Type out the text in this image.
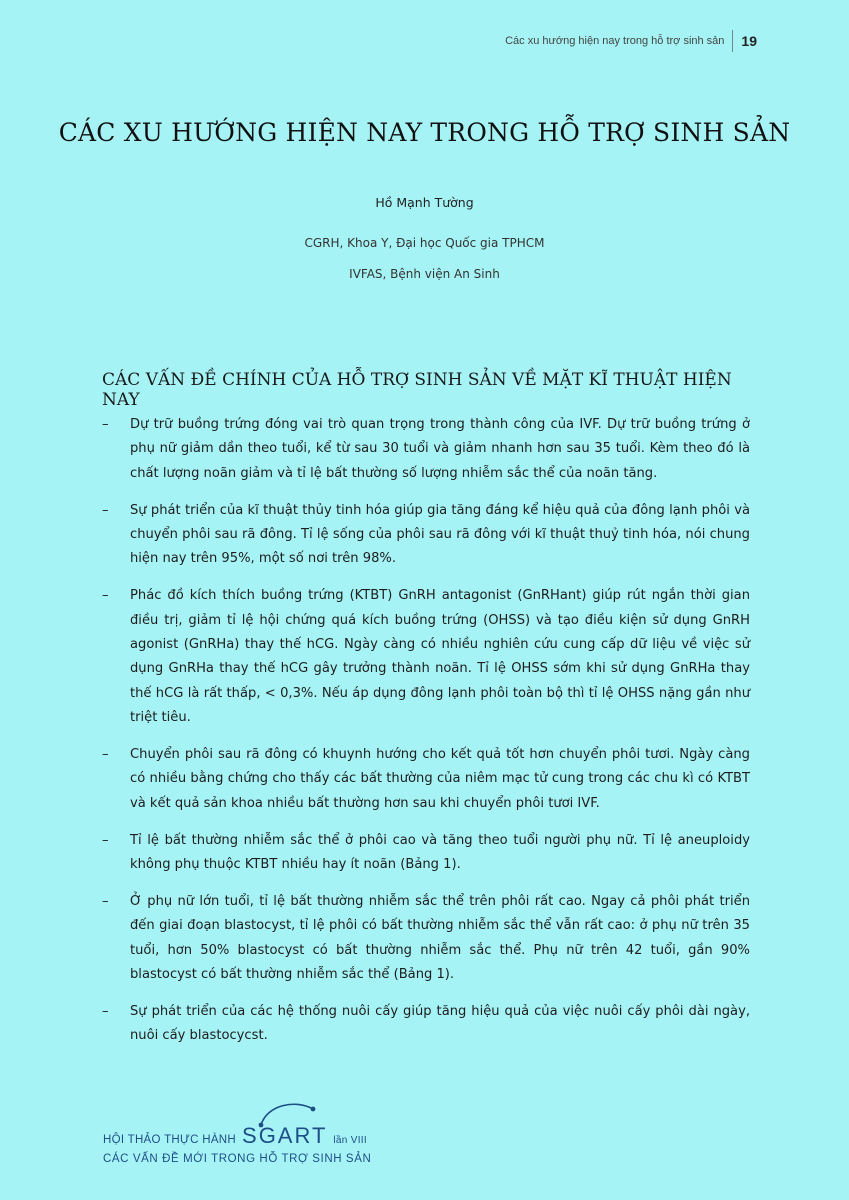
Các xu hướng hiện nay trong hỗ trợ sinh sản	19
CÁC XU HƯỚNG HIỆN NAY TRONG HỖ TRỢ SINH SẢN
Hồ Mạnh Tường
CGRH, Khoa Y, Đại học Quốc gia TPHCM
IVFAS, Bệnh viện An Sinh
CÁC VẤN ĐỀ CHÍNH CỦA HỖ TRỢ SINH SẢN VỀ MẶT KĨ THUẬT HIỆN NAY
–	Dự trữ buồng trứng đóng vai trò quan trọng trong thành công của IVF. Dự trữ buồng trứng ở phụ nữ giảm dần theo tuổi, kể từ sau 30 tuổi và giảm nhanh hơn sau 35 tuổi. Kèm theo đó là chất lượng noãn giảm và tỉ lệ bất thường số lượng nhiễm sắc thể của noãn tăng.
–	Sự phát triển của kĩ thuật thủy tinh hóa giúp gia tăng đáng kể hiệu quả của đông lạnh phôi và chuyển phôi sau rã đông. Tỉ lệ sống của phôi sau rã đông với kĩ thuật thuỷ tinh hóa, nói chung hiện nay trên 95%, một số nơi trên 98%.
–	Phác đồ kích thích buồng trứng (KTBT) GnRH antagonist (GnRHant) giúp rút ngắn thời gian điều trị, giảm tỉ lệ hội chứng quá kích buồng trứng (OHSS) và tạo điều kiện sử dụng GnRH agonist (GnRHa) thay thế hCG. Ngày càng có nhiều nghiên cứu cung cấp dữ liệu về việc sử dụng GnRHa thay thế hCG gây trưởng thành noãn. Tỉ lệ OHSS sớm khi sử dụng GnRHa thay thế hCG là rất thấp, < 0,3%. Nếu áp dụng đông lạnh phôi toàn bộ thì tỉ lệ OHSS nặng gần như triệt tiêu.
–	Chuyển phôi sau rã đông có khuynh hướng cho kết quả tốt hơn chuyển phôi tươi. Ngày càng có nhiều bằng chứng cho thấy các bất thường của niêm mạc tử cung trong các chu kì có KTBT và kết quả sản khoa nhiều bất thường hơn sau khi chuyển phôi tươi IVF.
–	Tỉ lệ bất thường nhiễm sắc thể ở phôi cao và tăng theo tuổi người phụ nữ. Tỉ lệ aneuploidy không phụ thuộc KTBT nhiều hay ít noãn (Bảng 1).
–	Ở phụ nữ lớn tuổi, tỉ lệ bất thường nhiễm sắc thể trên phôi rất cao. Ngay cả phôi phát triển đến giai đoạn blastocyst, tỉ lệ phôi có bất thường nhiễm sắc thể vẫn rất cao: ở phụ nữ trên 35 tuổi, hơn 50% blastocyst có bất thường nhiễm sắc thể. Phụ nữ trên 42 tuổi, gần 90% blastocyst có bất thường nhiễm sắc thể (Bảng 1).
–	Sự phát triển của các hệ thống nuôi cấy giúp tăng hiệu quả của việc nuôi cấy phôi dài ngày, nuôi cấy blastocycst.
HỘI THẢO THỰC HÀNH SGART lần VIII
CÁC VẤN ĐỀ MỚI TRONG HỖ TRỢ SINH SẢN
